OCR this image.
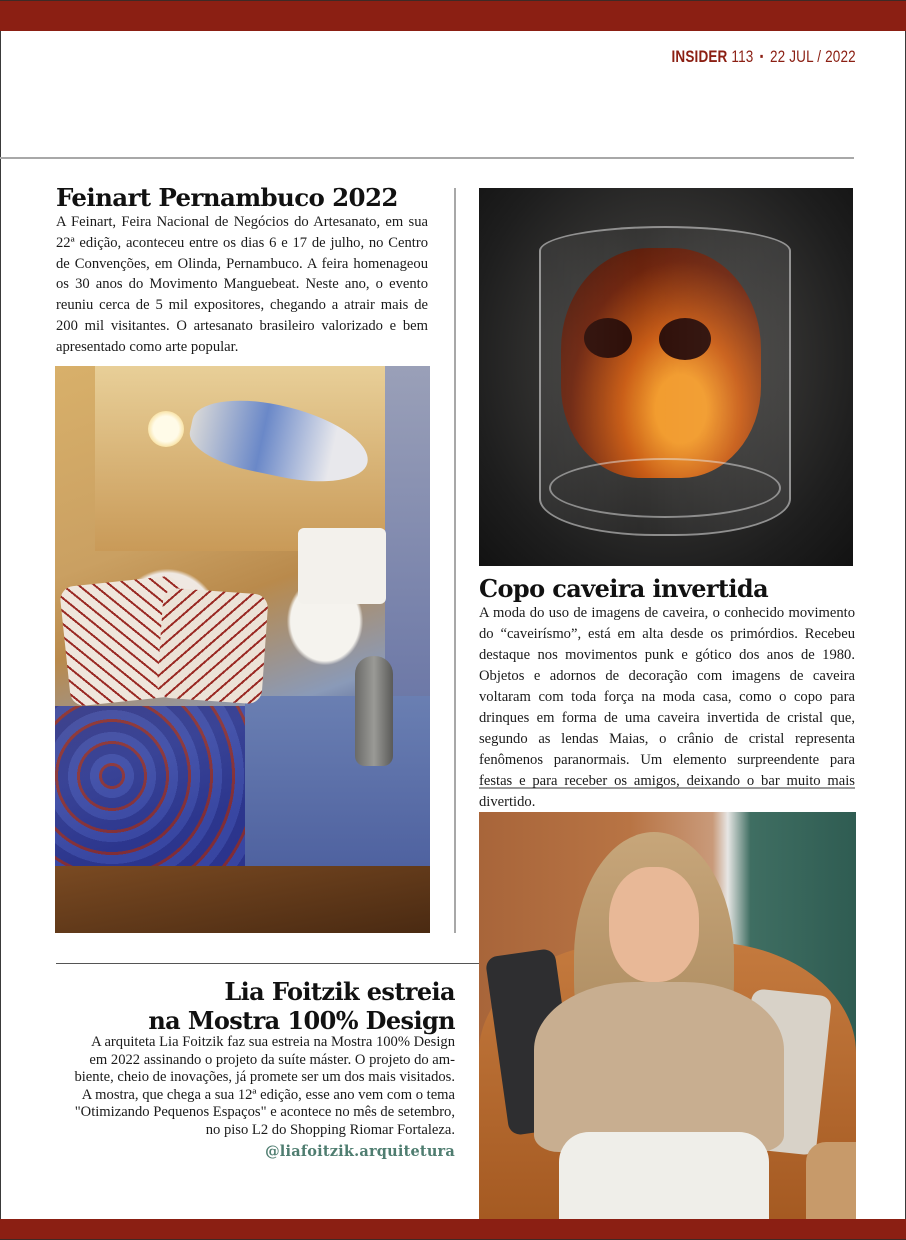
INSIDER 113 ▪ 22 JUL / 2022
Feinart Pernambuco 2022

A Feinart, Feira Nacional de Negócios do Artesanato, em sua 22ª edição, aconteceu entre os dias 6 e 17 de julho, no Centro de Convenções, em Olinda, Pernambuco. A feira homenageou os 30 anos do Movimento Manguebeat. Neste ano, o evento reuniu cerca de 5 mil expositores, chegando a atrair mais de 200 mil visitantes. O artesanato brasileiro valorizado e bem apresentado como arte popular.

Copo caveira invertida

A moda do uso de imagens de caveira, o conhecido movimento do “caveirísmo”, está em alta desde os primórdios. Recebeu destaque nos movimentos punk e gótico dos anos de 1980. Objetos e adornos de decoração com imagens de caveira voltaram com toda força na moda casa, como o copo para drinques em forma de uma caveira invertida de cristal que, segundo as lendas Maias, o crânio de cristal representa fenômenos paranormais. Um elemento surpreendente para festas e para receber os amigos, deixando o bar muito mais divertido.

Lia Foitzik estreia
na Mostra 100% Design
A arquiteta Lia Foitzik faz sua estreia na Mostra 100% Design
em 2022 assinando o projeto da suíte máster. O projeto do am-
biente, cheio de inovações, já promete ser um dos mais visitados.
A mostra, que chega a sua 12ª edição, esse ano vem com o tema
"Otimizando Pequenos Espaços" e acontece no mês de setembro,
no piso L2 do Shopping Riomar Fortaleza.
@liafoitzik.arquitetura
